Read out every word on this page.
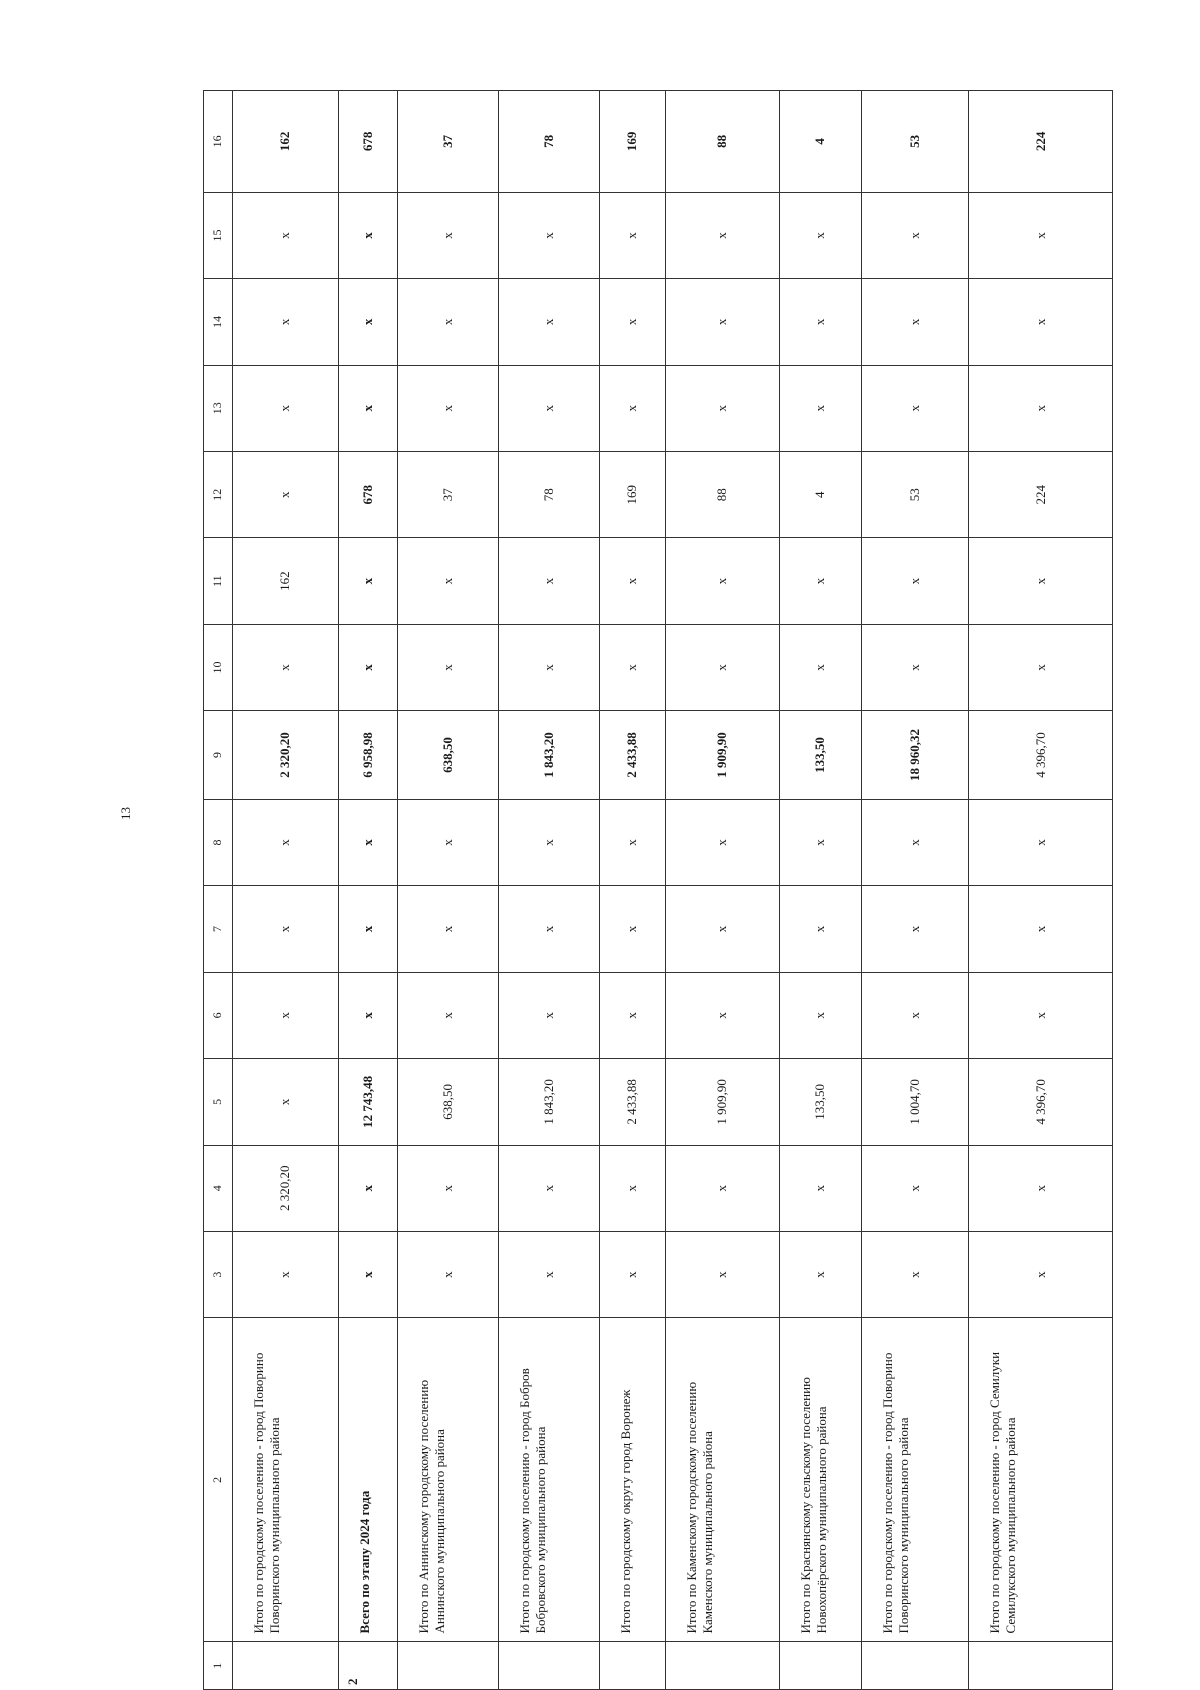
13
1	2	3	4	5	6	7	8	9	10	11	12	13	14	15	16
	Итого по городскому поселению - город Поворино Поворинского муниципального района	x	2 320,20	x	x	x	x	2 320,20	x	162	x	x	x	x	162
2	Всего по этапу 2024 года	x	x	12 743,48	x	x	x	6 958,98	x	x	678	x	x	x	678
	Итого по Аннинскому городскому поселению Аннинского муниципального района	x	x	638,50	x	x	x	638,50	x	x	37	x	x	x	37
	Итого по городскому поселению - город Бобров Бобровского муниципального района	x	x	1 843,20	x	x	x	1 843,20	x	x	78	x	x	x	78
	Итого по городскому округу город Воронеж	x	x	2 433,88	x	x	x	2 433,88	x	x	169	x	x	x	169
	Итого по Каменскому городскому поселению Каменского муниципального района	x	x	1 909,90	x	x	x	1 909,90	x	x	88	x	x	x	88
	Итого по Краснянскому сельскому поселению Новохопёрского муниципального района	x	x	133,50	x	x	x	133,50	x	x	4	x	x	x	4
	Итого по городскому поселению - город Поворино Поворинского муниципального района	x	x	1 004,70	x	x	x	18 960,32	x	x	53	x	x	x	53
	Итого по городскому поселению - город Семилуки Семилукского муниципального района	x	x	4 396,70	x	x	x	4 396,70	x	x	224	x	x	x	224
